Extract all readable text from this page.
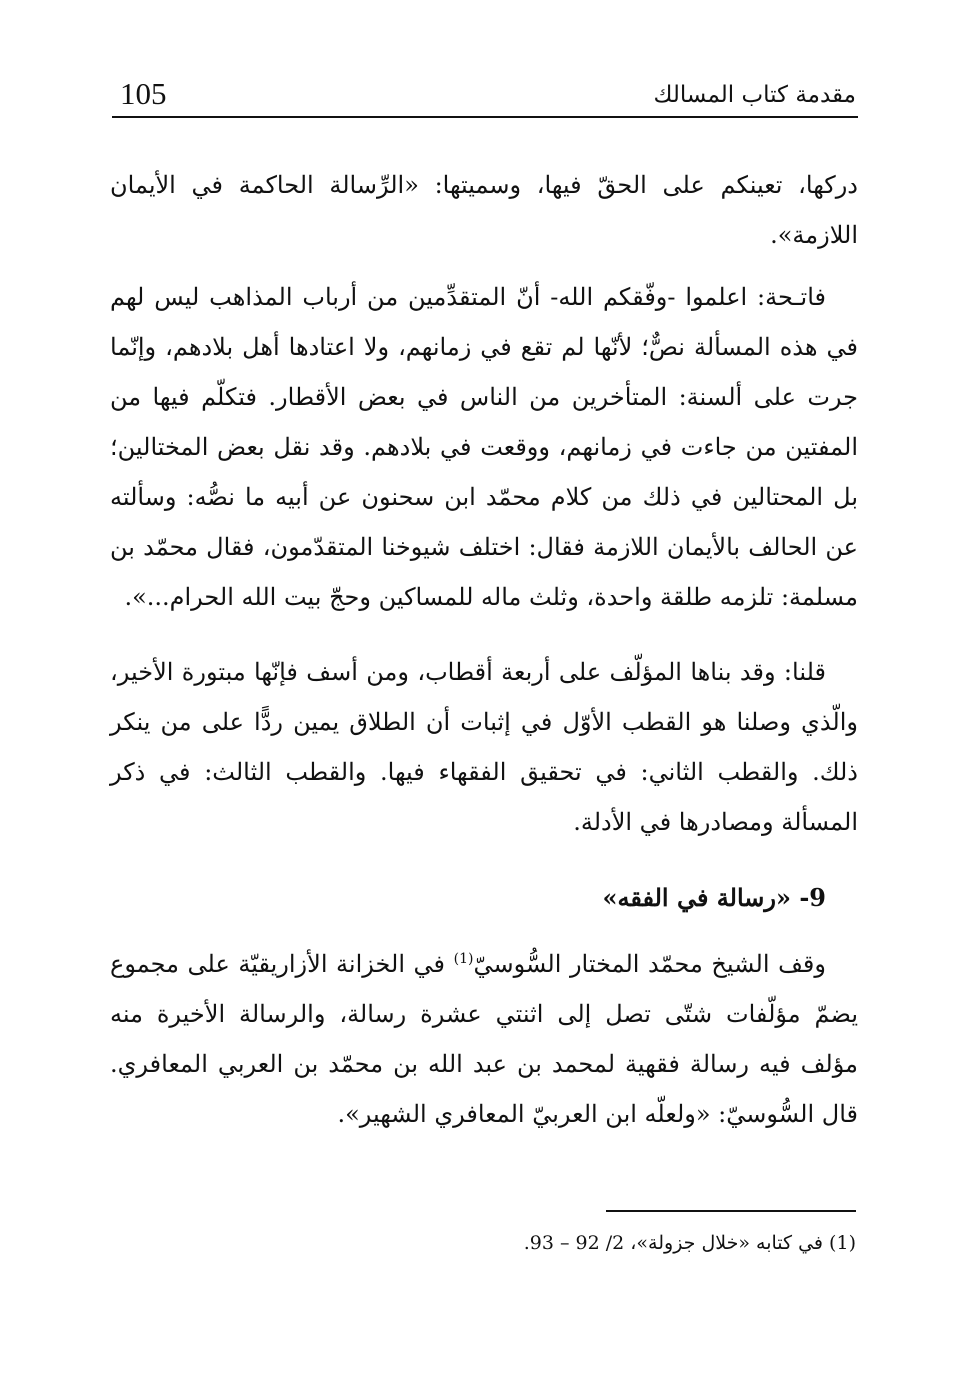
105	مقدمة كتاب المسالك

دركها، تعينكم على الحقّ فيها، وسميتها: «الرِّسالة الحاكمة في الأيمان اللازمة».

فاتـحة: اعلموا -وفّقكم الله- أنّ المتقدِّمين من أرباب المذاهب ليس لهم في هذه المسألة نصٌّ؛ لأنّها لم تقع في زمانهم، ولا اعتادها أهل بلادهم، وإنّما جرت على ألسنة: المتأخرين من الناس في بعض الأقطار. فتكلّم فيها من المفتين من جاءت في زمانهم، ووقعت في بلادهم. وقد نقل بعض المختالين؛ بل المحتالين في ذلك من كلام محمّد ابن سحنون عن أبيه ما نصُّه: وسألته عن الحالف بالأيمان اللازمة فقال: اختلف شيوخنا المتقدّمون، فقال محمّد بن مسلمة: تلزمه طلقة واحدة، وثلث ماله للمساكين وحجّ بيت الله الحرام...».

قلنا: وقد بناها المؤلّف على أربعة أقطاب، ومن أسف فإنّها مبتورة الأخير، والّذي وصلنا هو القطب الأوّل في إثبات أن الطلاق يمين ردًّا على من ينكر ذلك. والقطب الثاني: في تحقيق الفقهاء فيها. والقطب الثالث: في ذكر المسألة ومصادرها في الأدلة.

9- «رسالة في الفقه»

وقف الشيخ محمّد المختار السُّوسيّ$^{(1)}$ في الخزانة الأزاريقيّة على مجموع يضمّ مؤلّفات شتّى تصل إلى اثنتي عشرة رسالة، والرسالة الأخيرة منه مؤلف فيه رسالة فقهية لمحمد بن عبد الله بن محمّد بن العربي المعافري. قال السُّوسيّ: «ولعلّه ابن العربيّ المعافري الشهير».

(1) في كتابه «خلال جزولة»، 2/ 92 – 93.
